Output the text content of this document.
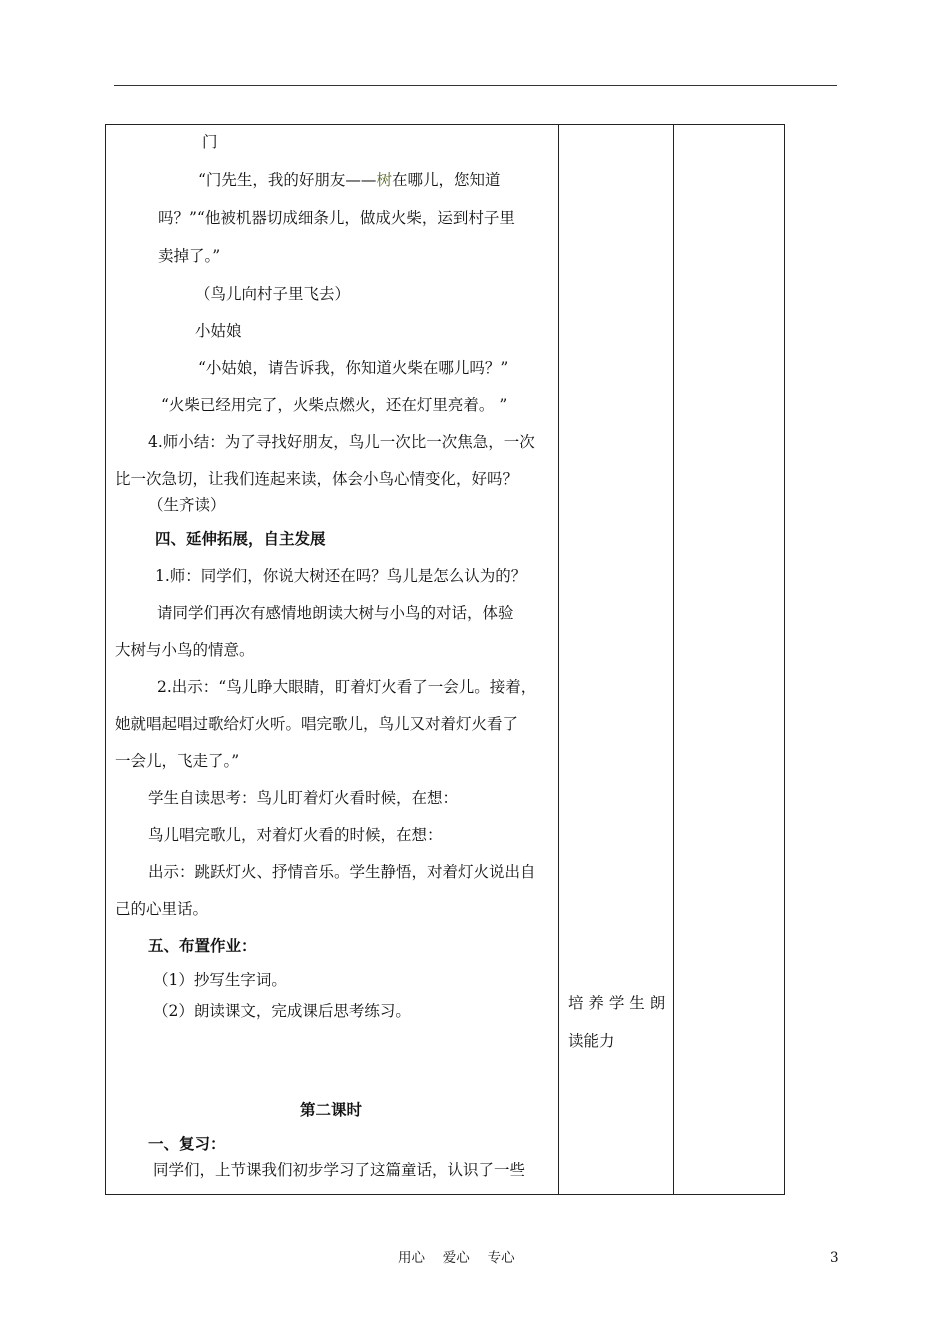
门
“门先生，我的好朋友——树在哪儿，您知道
吗？”“他被机器切成细条儿，做成火柴，运到村子里
卖掉了。”
（鸟儿向村子里飞去）
小姑娘
“小姑娘，请告诉我，你知道火柴在哪儿吗？”
“火柴已经用完了，火柴点燃火，还在灯里亮着。 ”
4.师小结：为了寻找好朋友，鸟儿一次比一次焦急，一次
比一次急切，让我们连起来读，体会小鸟心情变化，好吗？
（生齐读）
四、延伸拓展，自主发展
1.师：同学们，你说大树还在吗？鸟儿是怎么认为的？
请同学们再次有感情地朗读大树与小鸟的对话，体验
大树与小鸟的情意。
2.出示：“鸟儿睁大眼睛，盯着灯火看了一会儿。接着，
她就唱起唱过歌给灯火听。唱完歌儿，鸟儿又对着灯火看了
一会儿，飞走了。”
学生自读思考：鸟儿盯着灯火看时候，在想：
鸟儿唱完歌儿，对着灯火看的时候，在想：
出示：跳跃灯火、抒情音乐。学生静悟，对着灯火说出自
己的心里话。
五、布置作业：
（1）抄写生字词。
（2）朗读课文，完成课后思考练习。
第二课时
一、复习：
同学们，上节课我们初步学习了这篇童话，认识了一些
培 养 学 生 朗
读能力
用心　 爱心　 专心	3
